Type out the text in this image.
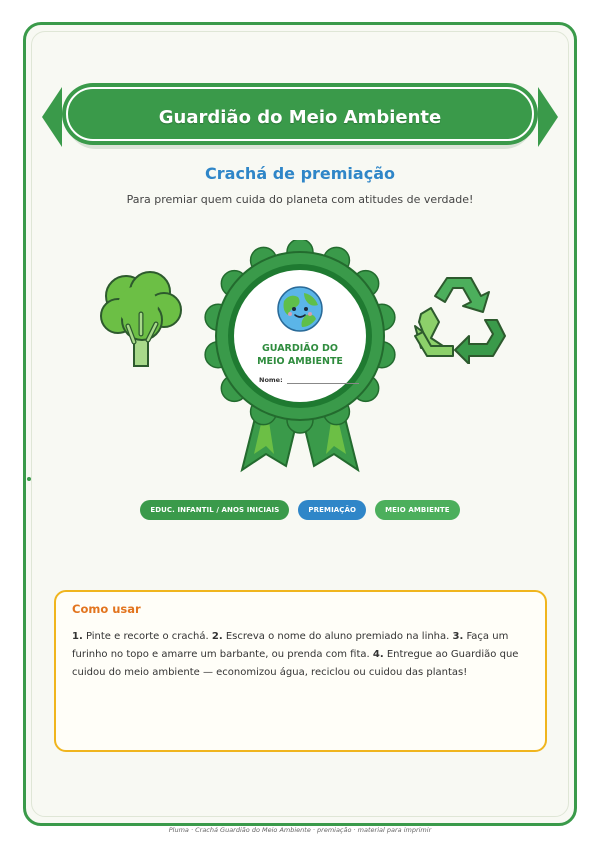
Guardião do Meio Ambiente
Crachá de premiação
Para premiar quem cuida do planeta com atitudes de verdade!
GUARDIÃO DO
MEIO AMBIENTE
Nome:
EDUC. INFANTIL / ANOS INICIAIS	PREMIAÇÃO	MEIO AMBIENTE
Como usar
1. Pinte e recorte o crachá. 2. Escreva o nome do aluno premiado na linha. 3. Faça um furinho no topo e amarre um barbante, ou prenda com fita. 4. Entregue ao Guardião que cuidou do meio ambiente — economizou água, reciclou ou cuidou das plantas!
Pluma · Crachá Guardião do Meio Ambiente · premiação · material para imprimir
